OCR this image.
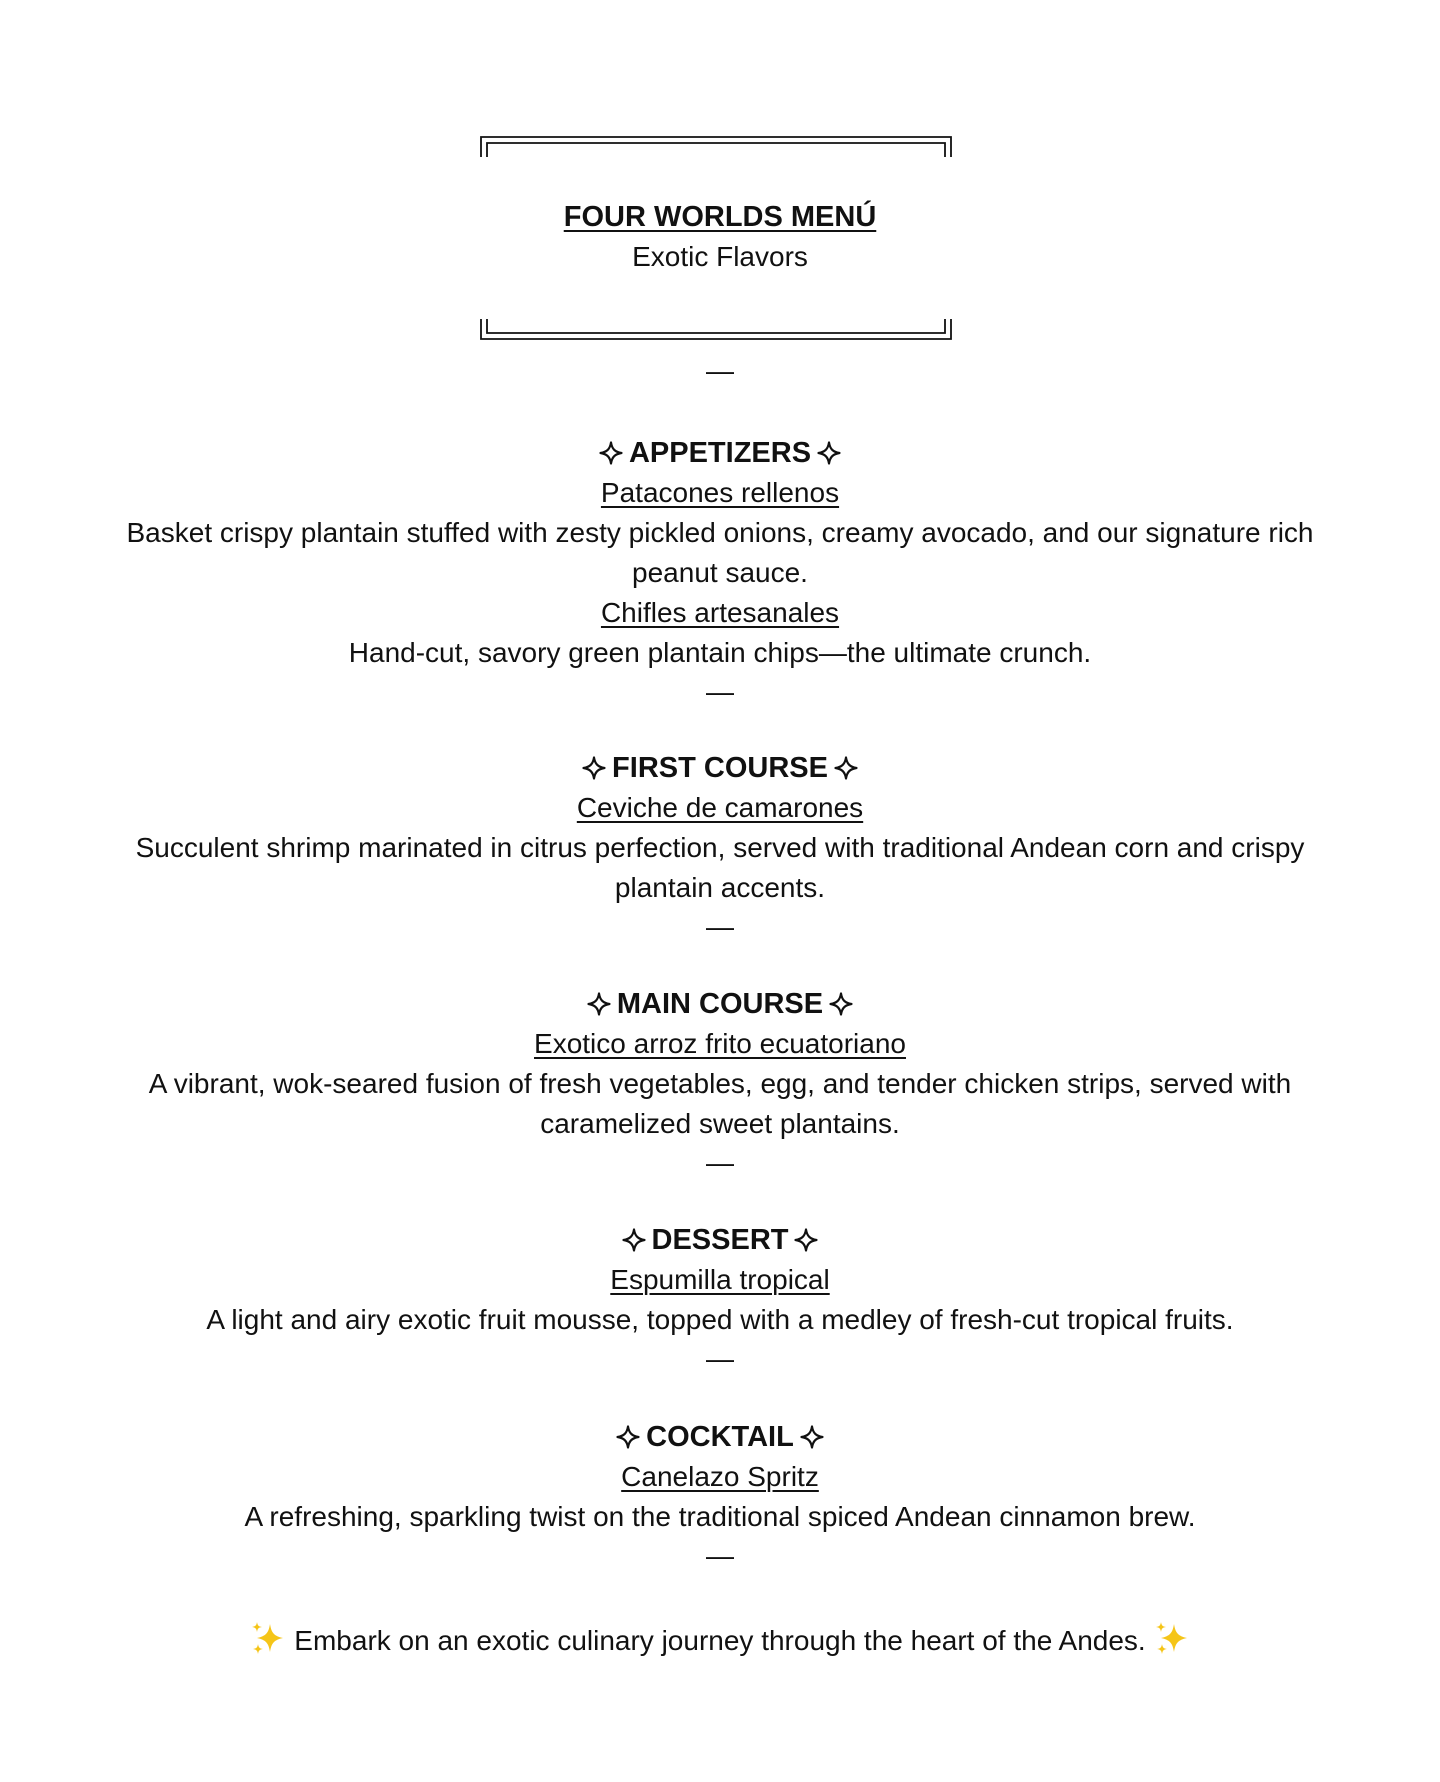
FOUR WORLDS MENÚ
Exotic Flavors
—
APPETIZERS
Patacones rellenos
Basket crispy plantain stuffed with zesty pickled onions, creamy avocado, and our signature rich peanut sauce.
Chifles artesanales
Hand-cut, savory green plantain chips—the ultimate crunch.
—
FIRST COURSE
Ceviche de camarones
Succulent shrimp marinated in citrus perfection, served with traditional Andean corn and crispy plantain accents.
—
MAIN COURSE
Exotico arroz frito ecuatoriano
A vibrant, wok-seared fusion of fresh vegetables, egg, and tender chicken strips, served with caramelized sweet plantains.
—
DESSERT
Espumilla tropical
A light and airy exotic fruit mousse, topped with a medley of fresh-cut tropical fruits.
—
COCKTAIL
Canelazo Spritz
A refreshing, sparkling twist on the traditional spiced Andean cinnamon brew.
—
Embark on an exotic culinary journey through the heart of the Andes.
